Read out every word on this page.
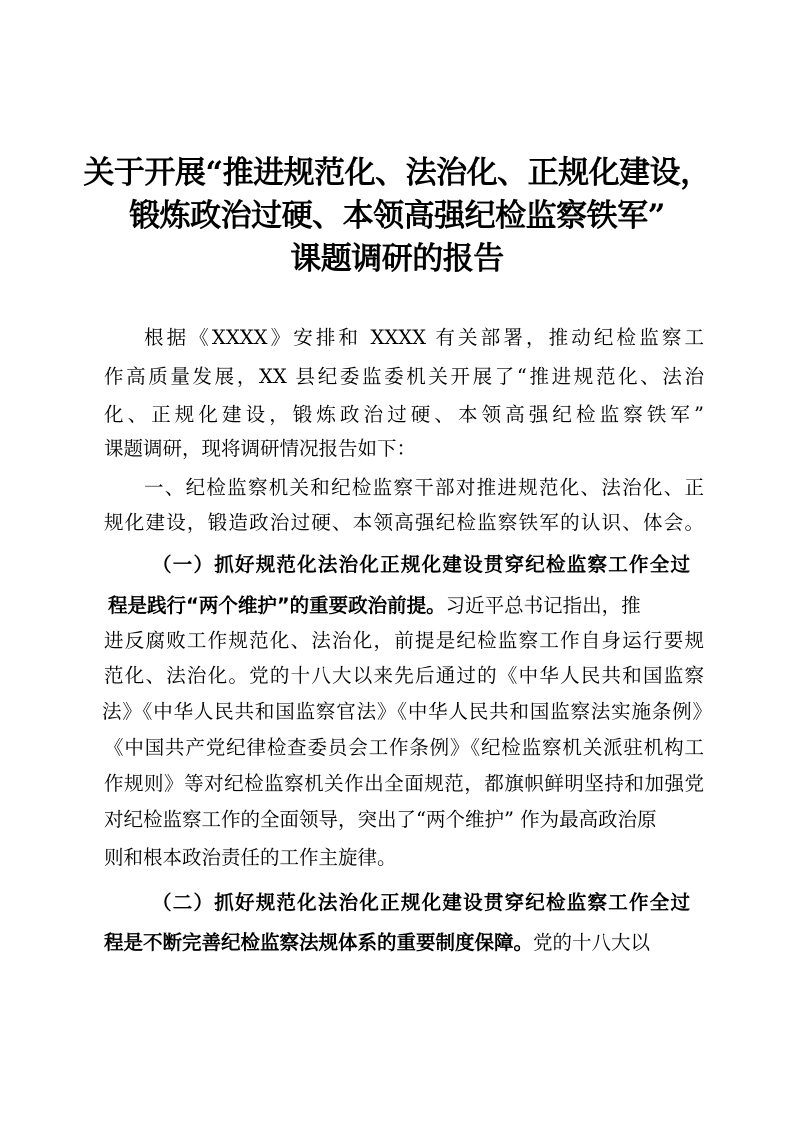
关于开展“推进规范化、法治化、正规化建设，
锻炼政治过硬、本领高强纪检监察铁军”
课题调研的报告
根据《XXXX》安排和 XXXX 有关部署，推动纪检监察工
作高质量发展，XX 县纪委监委机关开展了“推进规范化、法治
化、正规化建设，锻炼政治过硬、本领高强纪检监察铁军”
课题调研，现将调研情况报告如下：
一、纪检监察机关和纪检监察干部对推进规范化、法治化、正
规化建设，锻造政治过硬、本领高强纪检监察铁军的认识、体会。
（一）抓好规范化法治化正规化建设贯穿纪检监察工作全过
程是践行“两个维护”的重要政治前提。习近平总书记指出，推
进反腐败工作规范化、法治化，前提是纪检监察工作自身运行要规
范化、法治化。党的十八大以来先后通过的《中华人民共和国监察
法》《中华人民共和国监察官法》《中华人民共和国监察法实施条例》
《中国共产党纪律检查委员会工作条例》《纪检监察机关派驻机构工
作规则》等对纪检监察机关作出全面规范，都旗帜鲜明坚持和加强党
对纪检监察工作的全面领导，突出了“两个维护” 作为最高政治原
则和根本政治责任的工作主旋律。
（二）抓好规范化法治化正规化建设贯穿纪检监察工作全过
程是不断完善纪检监察法规体系的重要制度保障。党的十八大以
